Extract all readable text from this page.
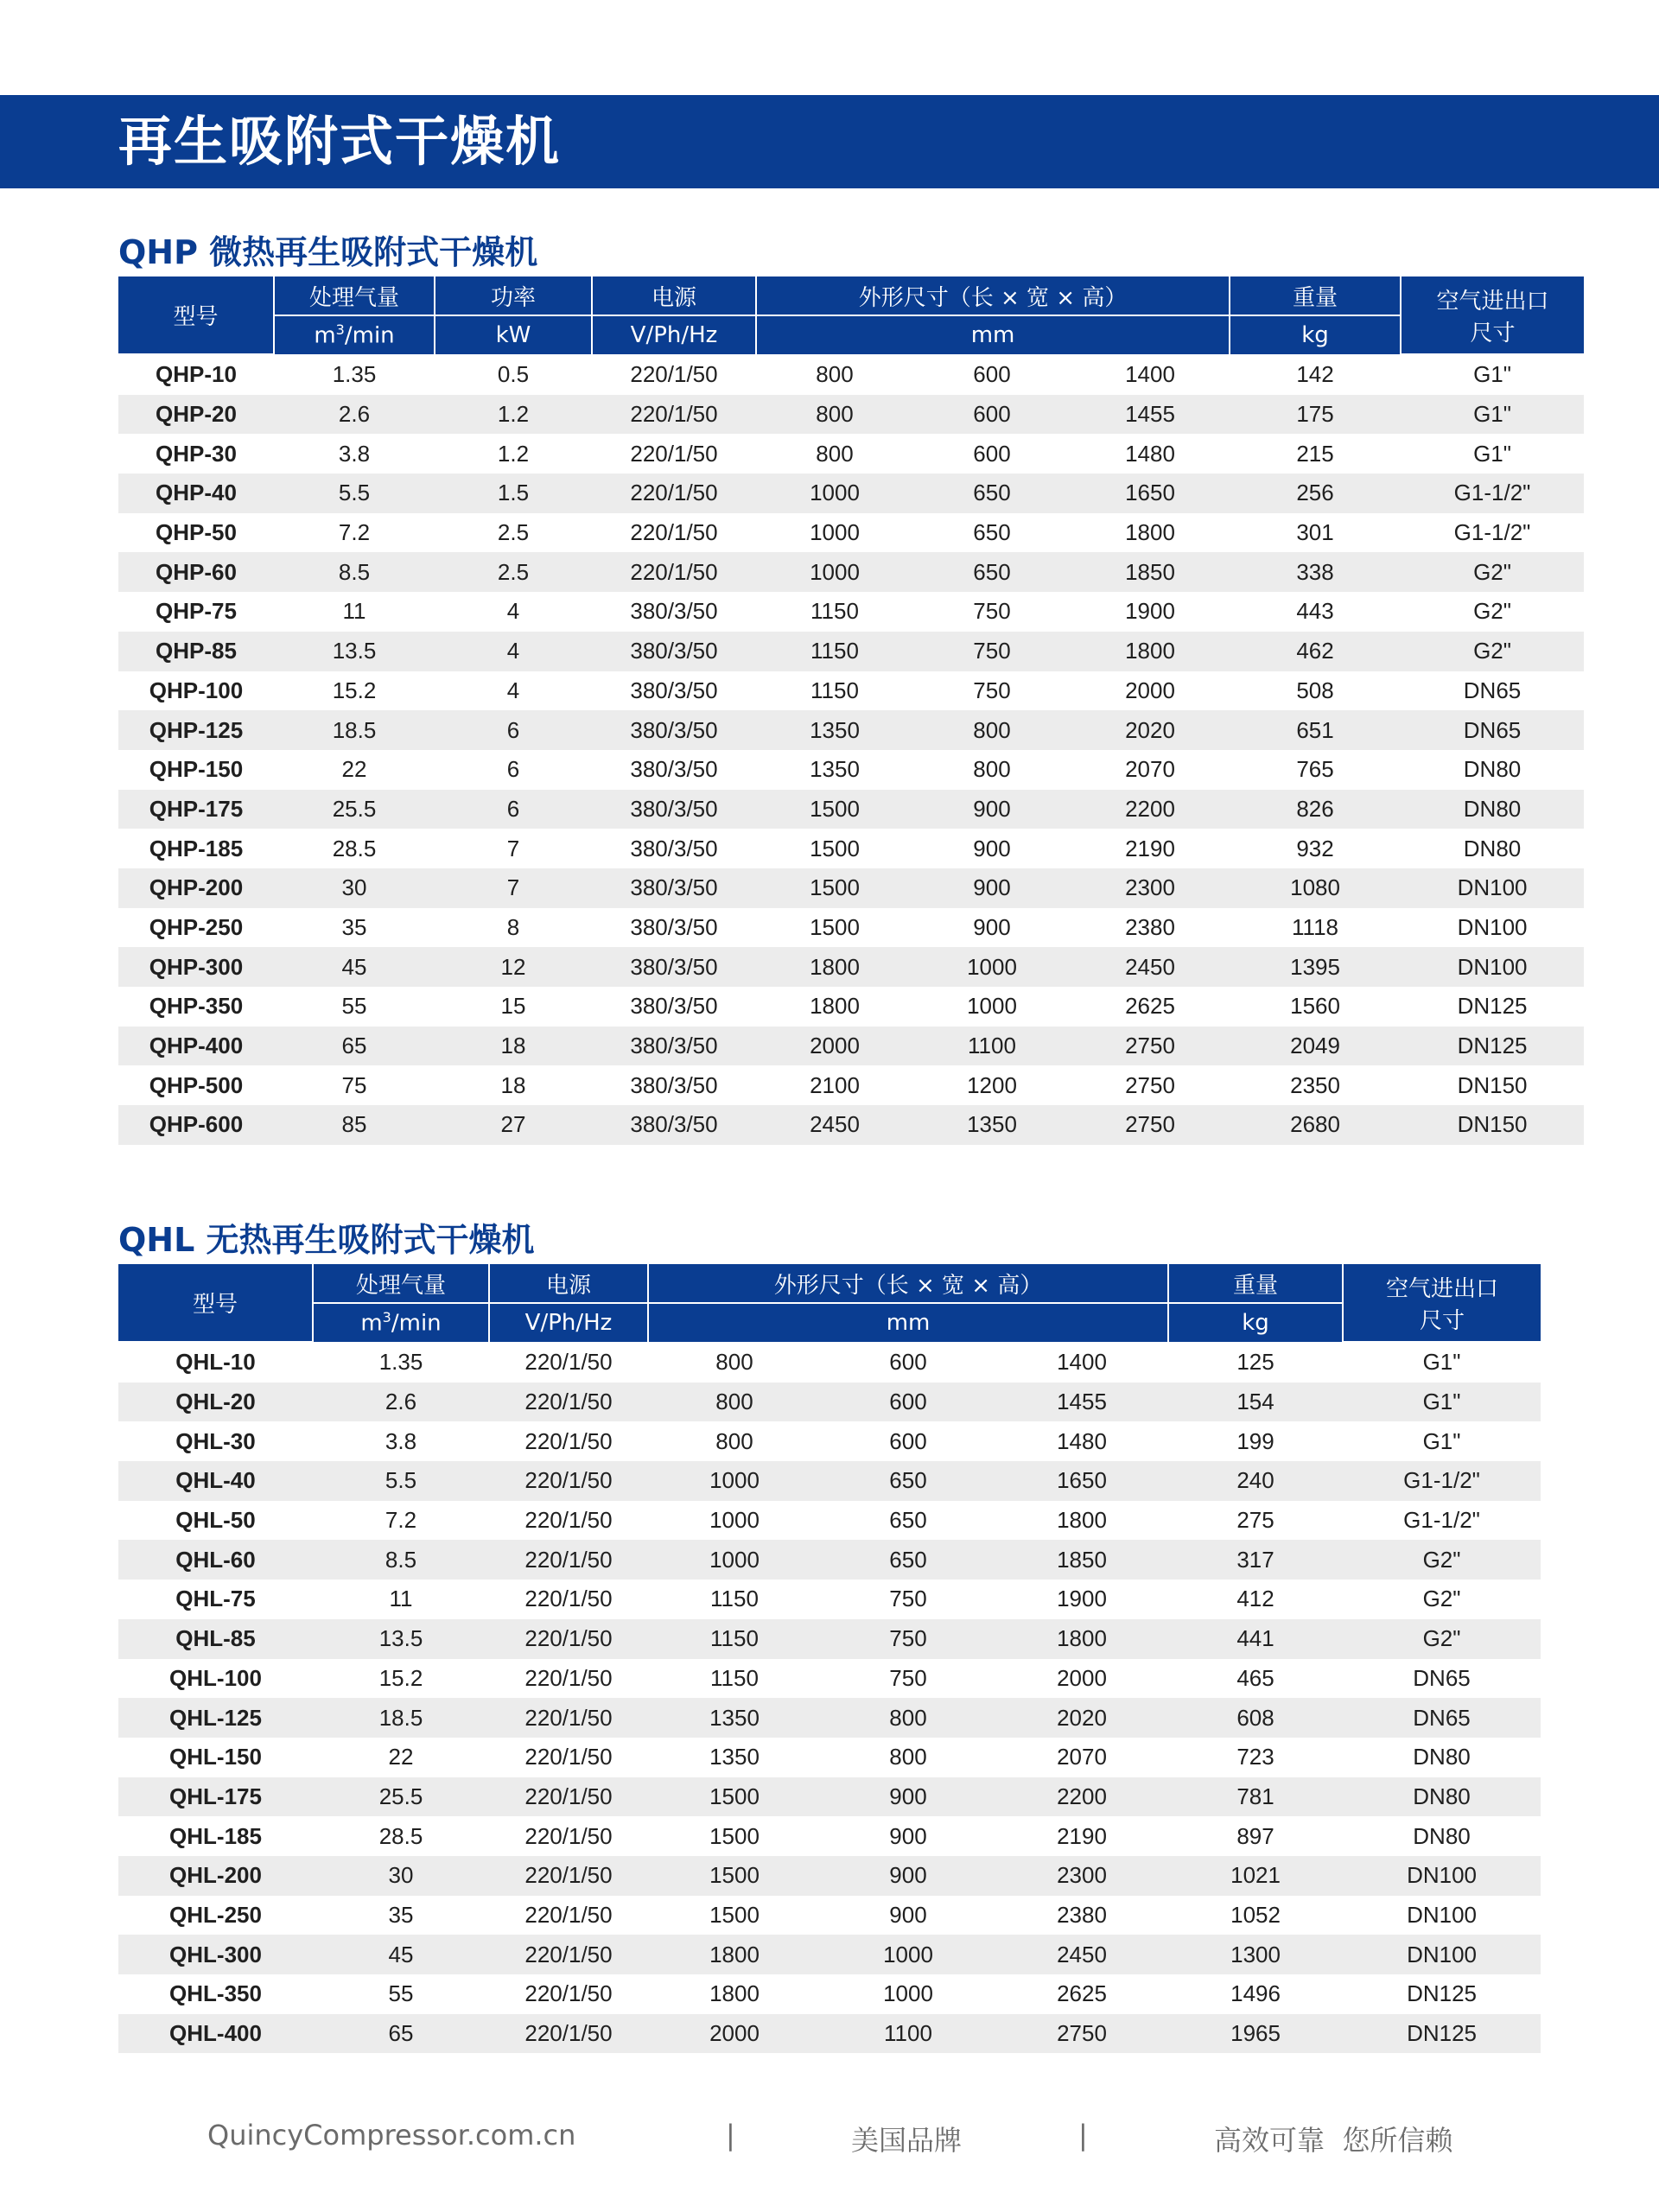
再生吸附式干燥机
QHP 微热再生吸附式干燥机
型号	处理气量	功率	电源	外形尺寸（长 × 宽 × 高）			重量	空气进出口
尺寸

	$m^3/\min$	kW	V/Ph/Hz	mm			kg	
QHP-10	1.35	0.5	220/1/50	800	600	1400	142	G1"
QHP-20	2.6	1.2	220/1/50	800	600	1455	175	G1"
QHP-30	3.8	1.2	220/1/50	800	600	1480	215	G1"
QHP-40	5.5	1.5	220/1/50	1000	650	1650	256	G1-1/2"
QHP-50	7.2	2.5	220/1/50	1000	650	1800	301	G1-1/2"
QHP-60	8.5	2.5	220/1/50	1000	650	1850	338	G2"
QHP-75	11	4	380/3/50	1150	750	1900	443	G2"
QHP-85	13.5	4	380/3/50	1150	750	1800	462	G2"
QHP-100	15.2	4	380/3/50	1150	750	2000	508	DN65
QHP-125	18.5	6	380/3/50	1350	800	2020	651	DN65
QHP-150	22	6	380/3/50	1350	800	2070	765	DN80
QHP-175	25.5	6	380/3/50	1500	900	2200	826	DN80
QHP-185	28.5	7	380/3/50	1500	900	2190	932	DN80
QHP-200	30	7	380/3/50	1500	900	2300	1080	DN100
QHP-250	35	8	380/3/50	1500	900	2380	1118	DN100
QHP-300	45	12	380/3/50	1800	1000	2450	1395	DN100
QHP-350	55	15	380/3/50	1800	1000	2625	1560	DN125
QHP-400	65	18	380/3/50	2000	1100	2750	2049	DN125
QHP-500	75	18	380/3/50	2100	1200	2750	2350	DN150
QHP-600	85	27	380/3/50	2450	1350	2750	2680	DN150
QHL 无热再生吸附式干燥机
型号	处理气量	电源	外形尺寸（长 × 宽 × 高）			重量	空气进出口
尺寸

	$m^3/\min$	V/Ph/Hz	mm			kg	
QHL-10	1.35	220/1/50	800	600	1400	125	G1"
QHL-20	2.6	220/1/50	800	600	1455	154	G1"
QHL-30	3.8	220/1/50	800	600	1480	199	G1"
QHL-40	5.5	220/1/50	1000	650	1650	240	G1-1/2"
QHL-50	7.2	220/1/50	1000	650	1800	275	G1-1/2"
QHL-60	8.5	220/1/50	1000	650	1850	317	G2"
QHL-75	11	220/1/50	1150	750	1900	412	G2"
QHL-85	13.5	220/1/50	1150	750	1800	441	G2"
QHL-100	15.2	220/1/50	1150	750	2000	465	DN65
QHL-125	18.5	220/1/50	1350	800	2020	608	DN65
QHL-150	22	220/1/50	1350	800	2070	723	DN80
QHL-175	25.5	220/1/50	1500	900	2200	781	DN80
QHL-185	28.5	220/1/50	1500	900	2190	897	DN80
QHL-200	30	220/1/50	1500	900	2300	1021	DN100
QHL-250	35	220/1/50	1500	900	2380	1052	DN100
QHL-300	45	220/1/50	1800	1000	2450	1300	DN100
QHL-350	55	220/1/50	1800	1000	2625	1496	DN125
QHL-400	65	220/1/50	2000	1100	2750	1965	DN125
QuincyCompressor.com.cn	|	美国品牌	|	高效可靠  您所信赖
